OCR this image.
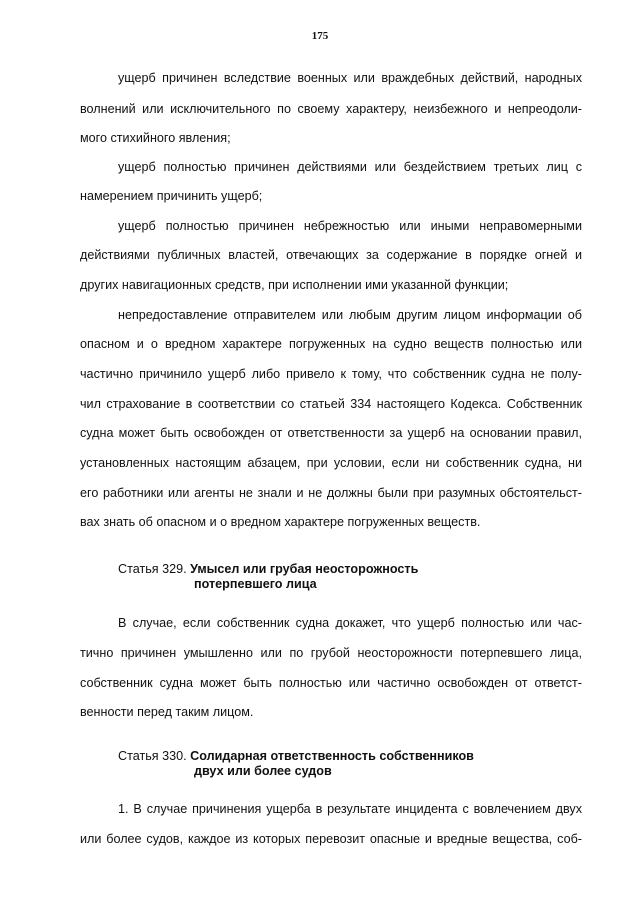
175
ущерб причинен вследствие военных или враждебных действий, народных
волнений или исключительного по своему характеру, неизбежного и непреодоли-
мого стихийного явления;
ущерб полностью причинен действиями или бездействием третьих лиц с
намерением причинить ущерб;
ущерб полностью причинен небрежностью или иными неправомерными
действиями публичных властей, отвечающих за содержание в порядке огней и
других навигационных средств, при исполнении ими указанной функции;
непредоставление отправителем или любым другим лицом информации об
опасном и о вредном характере погруженных на судно веществ полностью или
частично причинило ущерб либо привело к тому, что собственник судна не полу-
чил страхование в соответствии со статьей 334 настоящего Кодекса. Собственник
судна может быть освобожден от ответственности за ущерб на основании правил,
установленных настоящим абзацем, при условии, если ни собственник судна, ни
его работники или агенты не знали и не должны были при разумных обстоятельст-
вах знать об опасном и о вредном характере погруженных веществ.
Статья 329. Умысел или грубая неосторожность
потерпевшего лица
В случае, если собственник судна докажет, что ущерб полностью или час-
тично причинен умышленно или по грубой неосторожности потерпевшего лица,
собственник судна может быть полностью или частично освобожден от ответст-
венности перед таким лицом.
Статья 330. Солидарная ответственность собственников
двух или более судов
1. В случае причинения ущерба в результате инцидента с вовлечением двух
или более судов, каждое из которых перевозит опасные и вредные вещества, соб-
